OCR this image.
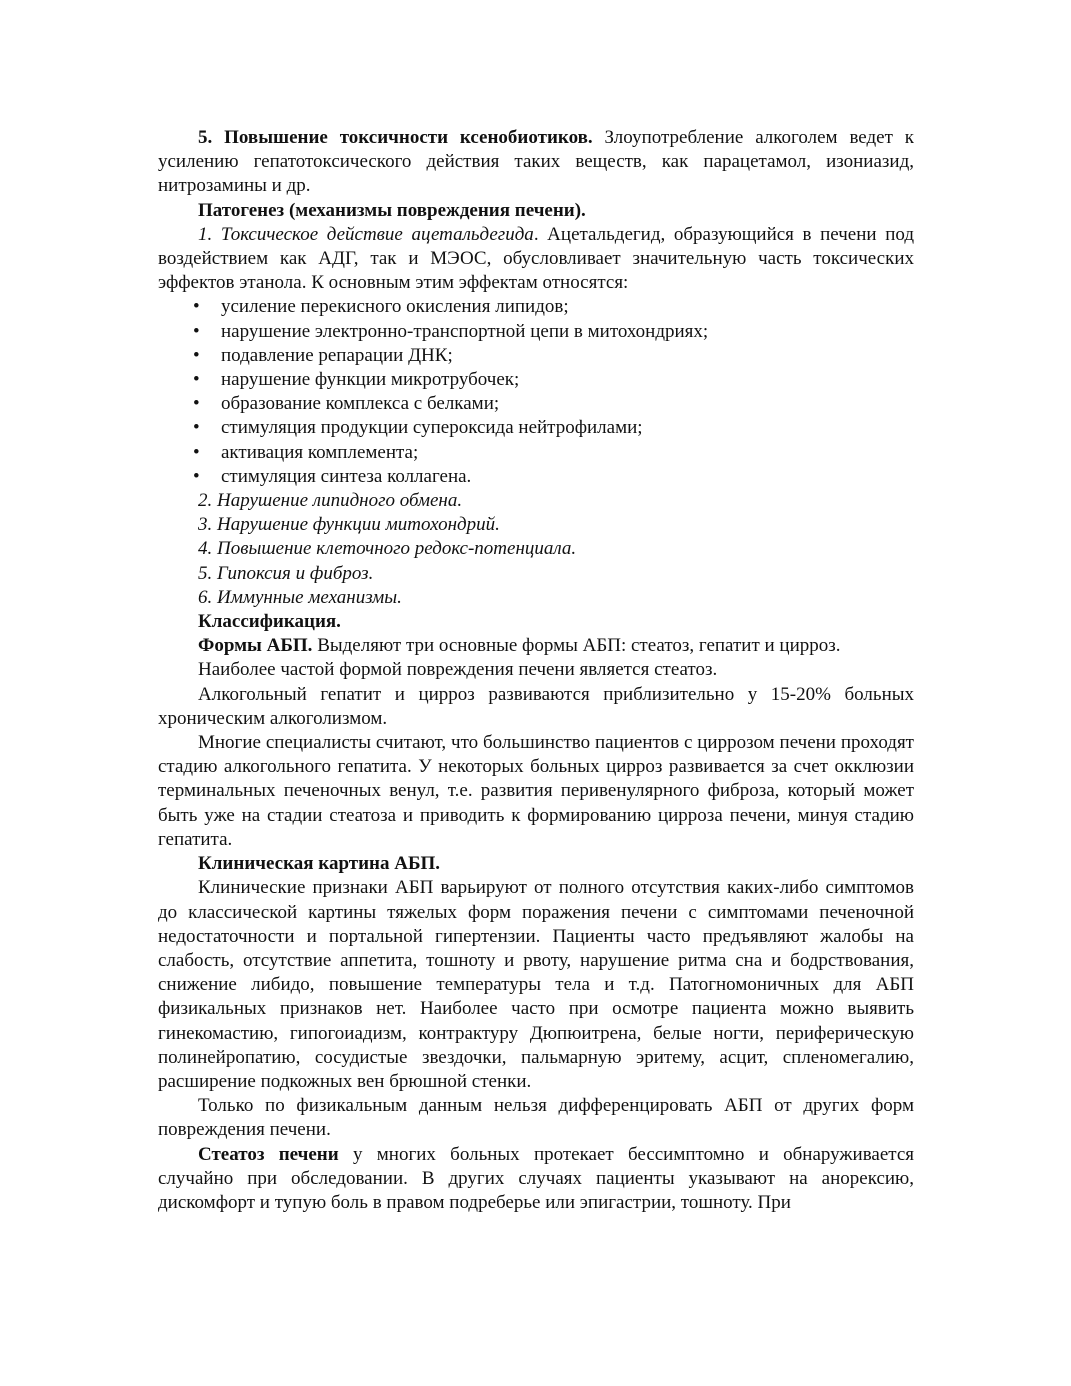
5. Повышение токсичности ксенобиотиков. Злоупотребление алкоголем ведет к усилению гепатотоксического действия таких веществ, как парацетамол, изониазид, нитрозамины и др.

Патогенез (механизмы повреждения печени).

1. Токсическое действие ацетальдегида. Ацетальдегид, образующийся в печени под воздействием как АДГ, так и МЭОС, обусловливает значительную часть токсических эффектов этанола. К основным этим эффектам относятся:

• усиление перекисного окисления липидов;
• нарушение электронно-транспортной цепи в митохондриях;
• подавление репарации ДНК;
• нарушение функции микротрубочек;
• образование комплекса с белками;
• стимуляция продукции супероксида нейтрофилами;
• активация комплемента;
• стимуляция синтеза коллагена.
2. Нарушение липидного обмена.
3. Нарушение функции митохондрий.
4. Повышение клеточного редокс-потенциала.
5. Гипоксия и фиброз.
6. Иммунные механизмы.
Классификация.

Формы АБП. Выделяют три основные формы АБП: стеатоз, гепатит и цирроз.

Наиболее частой формой повреждения печени является стеатоз.

Алкогольный гепатит и цирроз развиваются приблизительно у 15-20% больных хроническим алкоголизмом.

Многие специалисты считают, что большинство пациентов с циррозом печени проходят стадию алкогольного гепатита. У некоторых больных цирроз развивается за счет окклюзии терминальных печеночных венул, т.е. развития перивенулярного фиброза, который может быть уже на стадии стеатоза и приводить к формированию цирроза печени, минуя стадию гепатита.

Клиническая картина АБП.

Клинические признаки АБП варьируют от полного отсутствия каких-либо симптомов до классической картины тяжелых форм поражения печени с симптомами печеночной недостаточности и портальной гипертензии. Пациенты часто предъявляют жалобы на слабость, отсутствие аппетита, тошноту и рвоту, нарушение ритма сна и бодрствования, снижение либидо, повышение температуры тела и т.д. Патогномоничных для АБП физикальных признаков нет. Наиболее часто при осмотре пациента можно выявить гинекомастию, гипогоиадизм, контрактуру Дюпюитрена, белые ногти, периферическую полинейропатию, сосудистые звездочки, пальмарную эритему, асцит, спленомегалию, расширение подкожных вен брюшной стенки.

Только по физикальным данным нельзя дифференцировать АБП от других форм повреждения печени.

Стеатоз печени у многих больных протекает бессимптомно и обнаруживается случайно при обследовании. В других случаях пациенты указывают на анорексию, дискомфорт и тупую боль в правом подреберье или эпигастрии, тошноту. При
